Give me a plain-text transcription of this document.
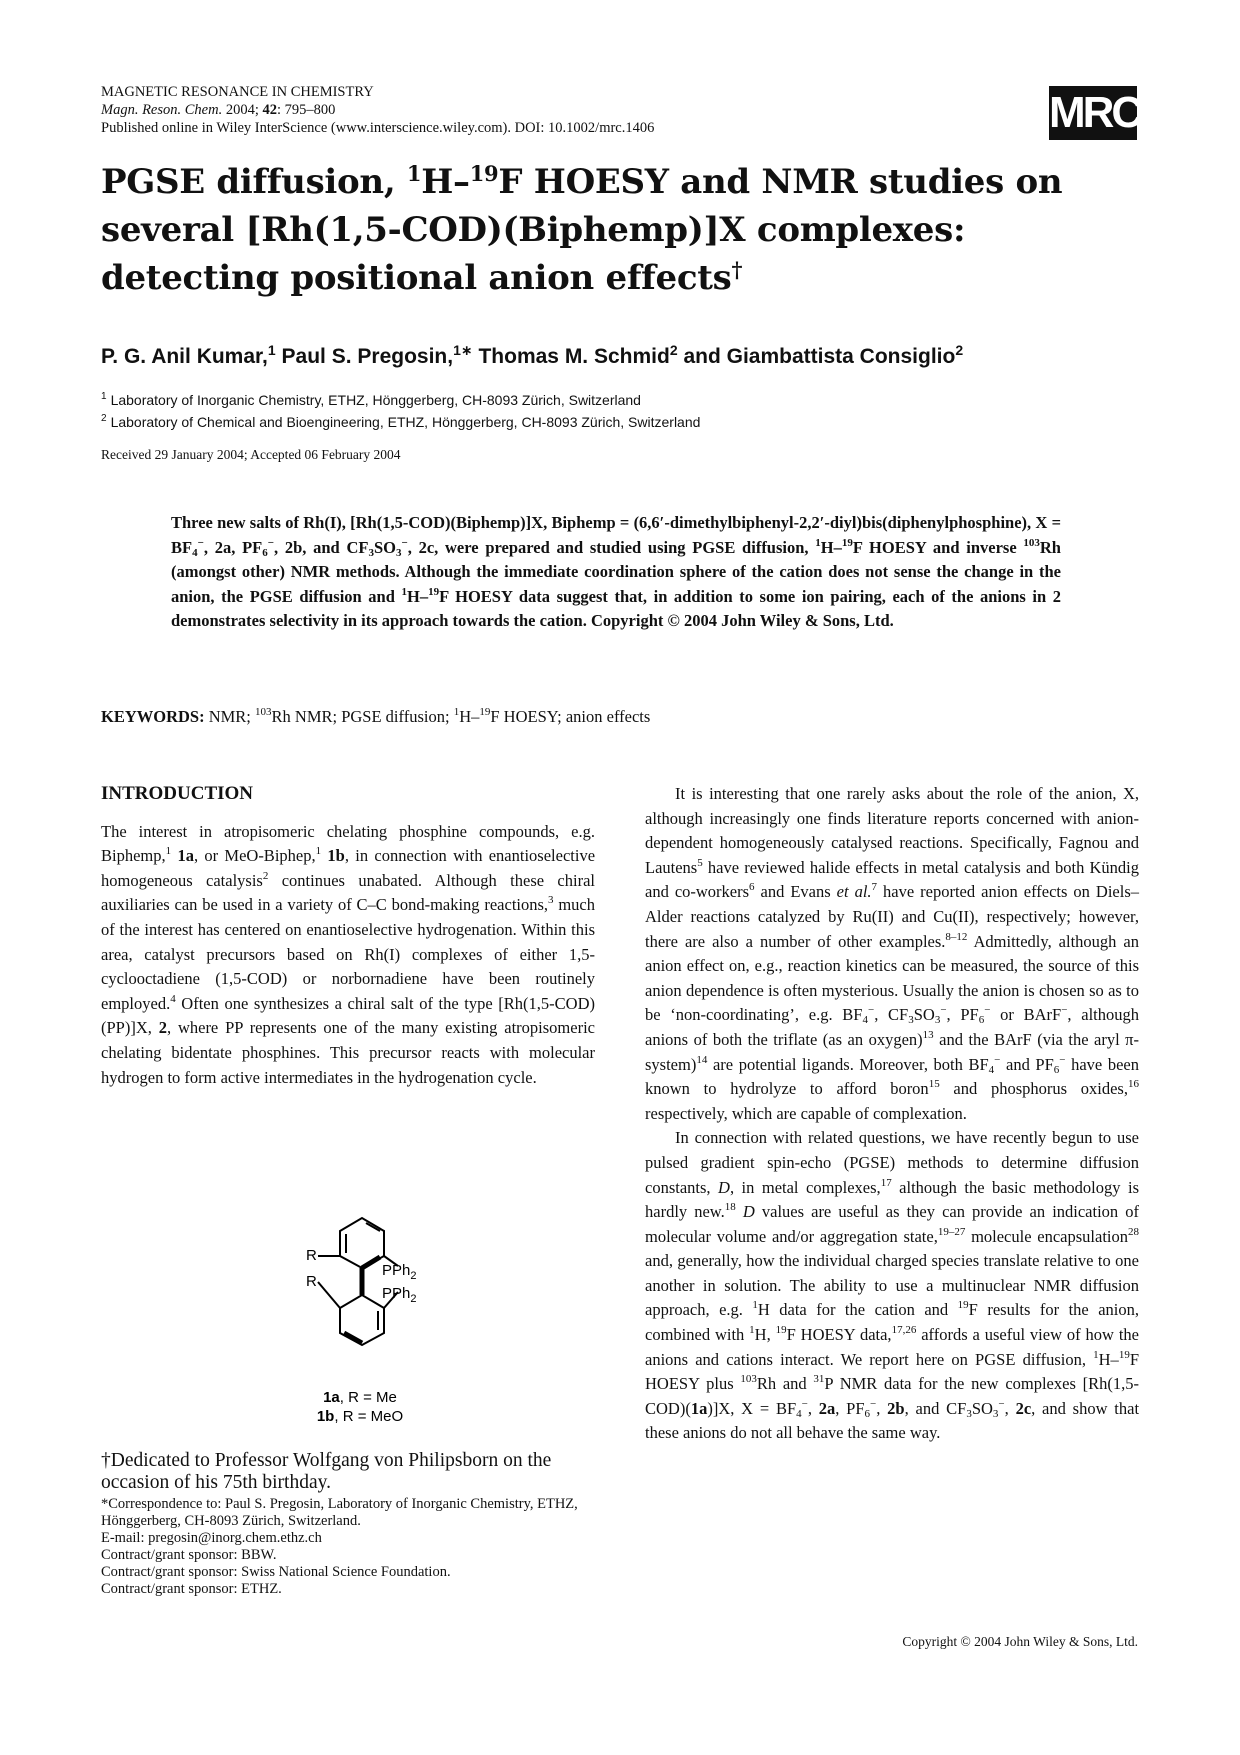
MAGNETIC RESONANCE IN CHEMISTRY
Magn. Reson. Chem. 2004; 42: 795–800
Published online in Wiley InterScience (www.interscience.wiley.com). DOI: 10.1002/mrc.1406	MRC
PGSE diffusion, $^1$H–$^{19}$F HOESY and NMR studies on
several [Rh(1,5-COD)(Biphemp)]X complexes:
detecting positional anion effects†
P. G. Anil Kumar,$^1$ Paul S. Pregosin,$^{1∗}$ Thomas M. Schmid$^2$ and Giambattista Consiglio$^2$
$^1$ Laboratory of Inorganic Chemistry, ETHZ, Hönggerberg, CH-8093 Zürich, Switzerland
$^2$ Laboratory of Chemical and Bioengineering, ETHZ, Hönggerberg, CH-8093 Zürich, Switzerland
Received 29 January 2004; Accepted 06 February 2004
Three new salts of Rh(I), [Rh(1,5-COD)(Biphemp)]X, Biphemp = (6,6′-dimethylbiphenyl-2,2′-diyl)bis(diphenylphosphine), $X = BF_4^-$, 2a, $PF_6^-$, 2b, and $CF_3SO_3^-$, 2c, were prepared and studied using PGSE diffusion, $^1$H–$^{19}$F HOESY and inverse $^{103}$Rh (amongst other) NMR methods. Although the immediate coordination sphere of the cation does not sense the change in the anion, the PGSE diffusion and $^1$H–$^{19}$F HOESY data suggest that, in addition to some ion pairing, each of the anions in 2 demonstrates selectivity in its approach towards the cation. Copyright © 2004 John Wiley & Sons, Ltd.
KEYWORDS: NMR; $^{103}$Rh NMR; PGSE diffusion; $^1$H–$^{19}$F HOESY; anion effects
INTRODUCTION

The interest in atropisomeric chelating phosphine compounds, e.g. Biphemp,$^1$ 1a, or MeO-Biphep,$^1$ 1b, in connection with enantioselective homogeneous catalysis$^2$ continues unabated. Although these chiral auxiliaries can be used in a variety of C–C bond-making reactions,$^3$ much of the interest has centered on enantioselective hydrogenation. Within this area, catalyst precursors based on Rh(I) complexes of either 1,5-cyclooctadiene (1,5-COD) or norbornadiene have been routinely employed.$^4$ Often one synthesizes a chiral salt of the type [Rh(1,5-COD)(PP)]X, 2, where PP represents one of the many existing atropisomeric chelating bidentate phosphines. This precursor reacts with molecular hydrogen to form active intermediates in the hydrogenation cycle.

R
R
PPh$_2$
PPh$_2$
1a, R = Me
1b, R = MeO
†Dedicated to Professor Wolfgang von Philipsborn on the occasion of his 75th birthday.
*Correspondence to: Paul S. Pregosin, Laboratory of Inorganic Chemistry, ETHZ, Hönggerberg, CH-8093 Zürich, Switzerland.
E-mail: pregosin@inorg.chem.ethz.ch
Contract/grant sponsor: BBW.
Contract/grant sponsor: Swiss National Science Foundation.
Contract/grant sponsor: ETHZ.

It is interesting that one rarely asks about the role of the anion, X, although increasingly one finds literature reports concerned with anion-dependent homogeneously catalysed reactions. Specifically, Fagnou and Lautens$^5$ have reviewed halide effects in metal catalysis and both Kündig and co-workers$^6$ and Evans et al.$^7$ have reported anion effects on Diels–Alder reactions catalyzed by Ru(II) and Cu(II), respectively; however, there are also a number of other examples.$^{8-12}$ Admittedly, although an anion effect on, e.g., reaction kinetics can be measured, the source of this anion dependence is often mysterious. Usually the anion is chosen so as to be ‘non-coordinating’, e.g. $BF_4^-$, $CF_3SO_3^-$, $PF_6^-$ or BArF−, although anions of both the triflate (as an oxygen)$^{13}$ and the BArF (via the aryl π-system)$^{14}$ are potential ligands. Moreover, both $BF_4^-$ and $PF_6^-$ have been known to hydrolyze to afford boron$^{15}$ and phosphorus oxides,$^{16}$ respectively, which are capable of complexation.

In connection with related questions, we have recently begun to use pulsed gradient spin-echo (PGSE) methods to determine diffusion constants, D, in metal complexes,$^{17}$ although the basic methodology is hardly new.$^{18}$ D values are useful as they can provide an indication of molecular volume and/or aggregation state,$^{19-27}$ molecule encapsulation$^{28}$ and, generally, how the individual charged species translate relative to one another in solution. The ability to use a multinuclear NMR diffusion approach, e.g. $^1$H data for the cation and $^{19}$F results for the anion, combined with $^1$H, $^{19}$F HOESY data,$^{17,26}$ affords a useful view of how the anions and cations interact. We report here on PGSE diffusion, $^1$H–$^{19}$F HOESY plus $^{103}$Rh and $^{31}$P NMR data for the new complexes [Rh(1,5-COD)(1a)]X, $X = BF_4^-$, 2a, $PF_6^-$, 2b, and $CF_3SO_3^-$, 2c, and show that these anions do not all behave the same way.

Copyright © 2004 John Wiley & Sons, Ltd.
